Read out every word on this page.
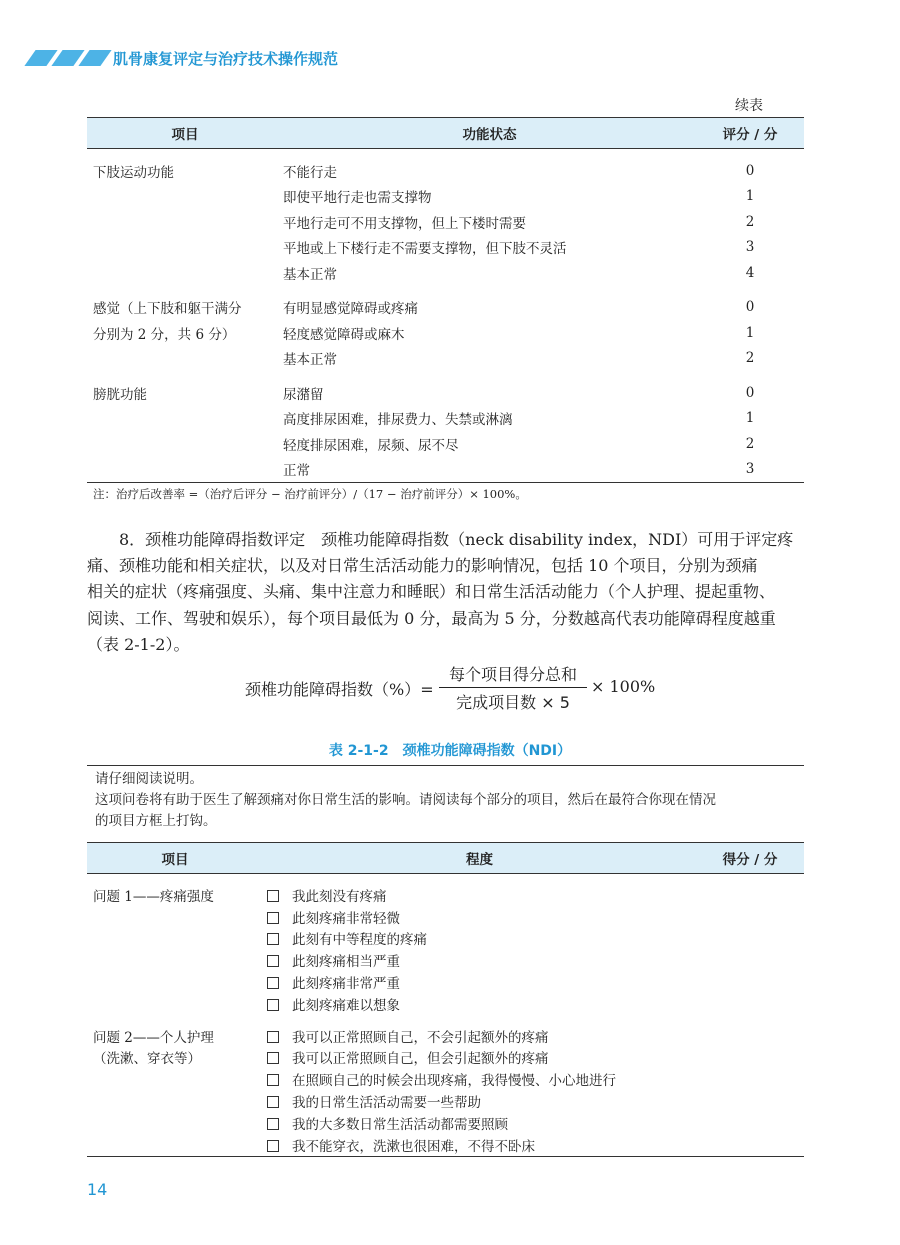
肌骨康复评定与治疗技术操作规范
续表
项目	功能状态	评分 / 分

下肢运动功能	不能行走	0
	即使平地行走也需支撑物	1
	平地行走可不用支撑物，但上下楼时需要	2
	平地或上下楼行走不需要支撑物，但下肢不灵活	3
	基本正常	4

感觉（上下肢和躯干满分	有明显感觉障碍或疼痛	0
分别为 2 分，共 6 分）	轻度感觉障碍或麻木	1
	基本正常	2

膀胱功能	尿潴留	0
	高度排尿困难，排尿费力、失禁或淋漓	1
	轻度排尿困难，尿频、尿不尽	2
	正常	3
注：治疗后改善率 =（治疗后评分 − 治疗前评分）/（17 − 治疗前评分）× 100%。

8．颈椎功能障碍指数评定　颈椎功能障碍指数（neck disability index，NDI）可用于评定疼

痛、颈椎功能和相关症状，以及对日常生活活动能力的影响情况，包括 10 个项目，分别为颈痛
相关的症状（疼痛强度、头痛、集中注意力和睡眠）和日常生活活动能力（个人护理、提起重物、
阅读、工作、驾驶和娱乐），每个项目最低为 0 分，最高为 5 分，分数越高代表功能障碍程度越重
（表 2-1-2）。
颈椎功能障碍指数（%）=
每个项目得分总和
完成项目数 × 5
× 100%
表 2-1-2　颈椎功能障碍指数（NDI）

请仔细阅读说明。

这项问卷将有助于医生了解颈痛对你日常生活的影响。请阅读每个部分的项目，然后在最符合你现在情况

的项目方框上打钩。

项目	程度	得分 / 分

问题 1——疼痛强度	我此刻没有疼痛	
	此刻疼痛非常轻微	
	此刻有中等程度的疼痛	
	此刻疼痛相当严重	
	此刻疼痛非常严重	
	此刻疼痛难以想象	

问题 2——个人护理	我可以正常照顾自己，不会引起额外的疼痛	
（洗漱、穿衣等）	我可以正常照顾自己，但会引起额外的疼痛	
	在照顾自己的时候会出现疼痛，我得慢慢、小心地进行	
	我的日常生活活动需要一些帮助	
	我的大多数日常生活活动都需要照顾	
	我不能穿衣，洗漱也很困难，不得不卧床	
14
